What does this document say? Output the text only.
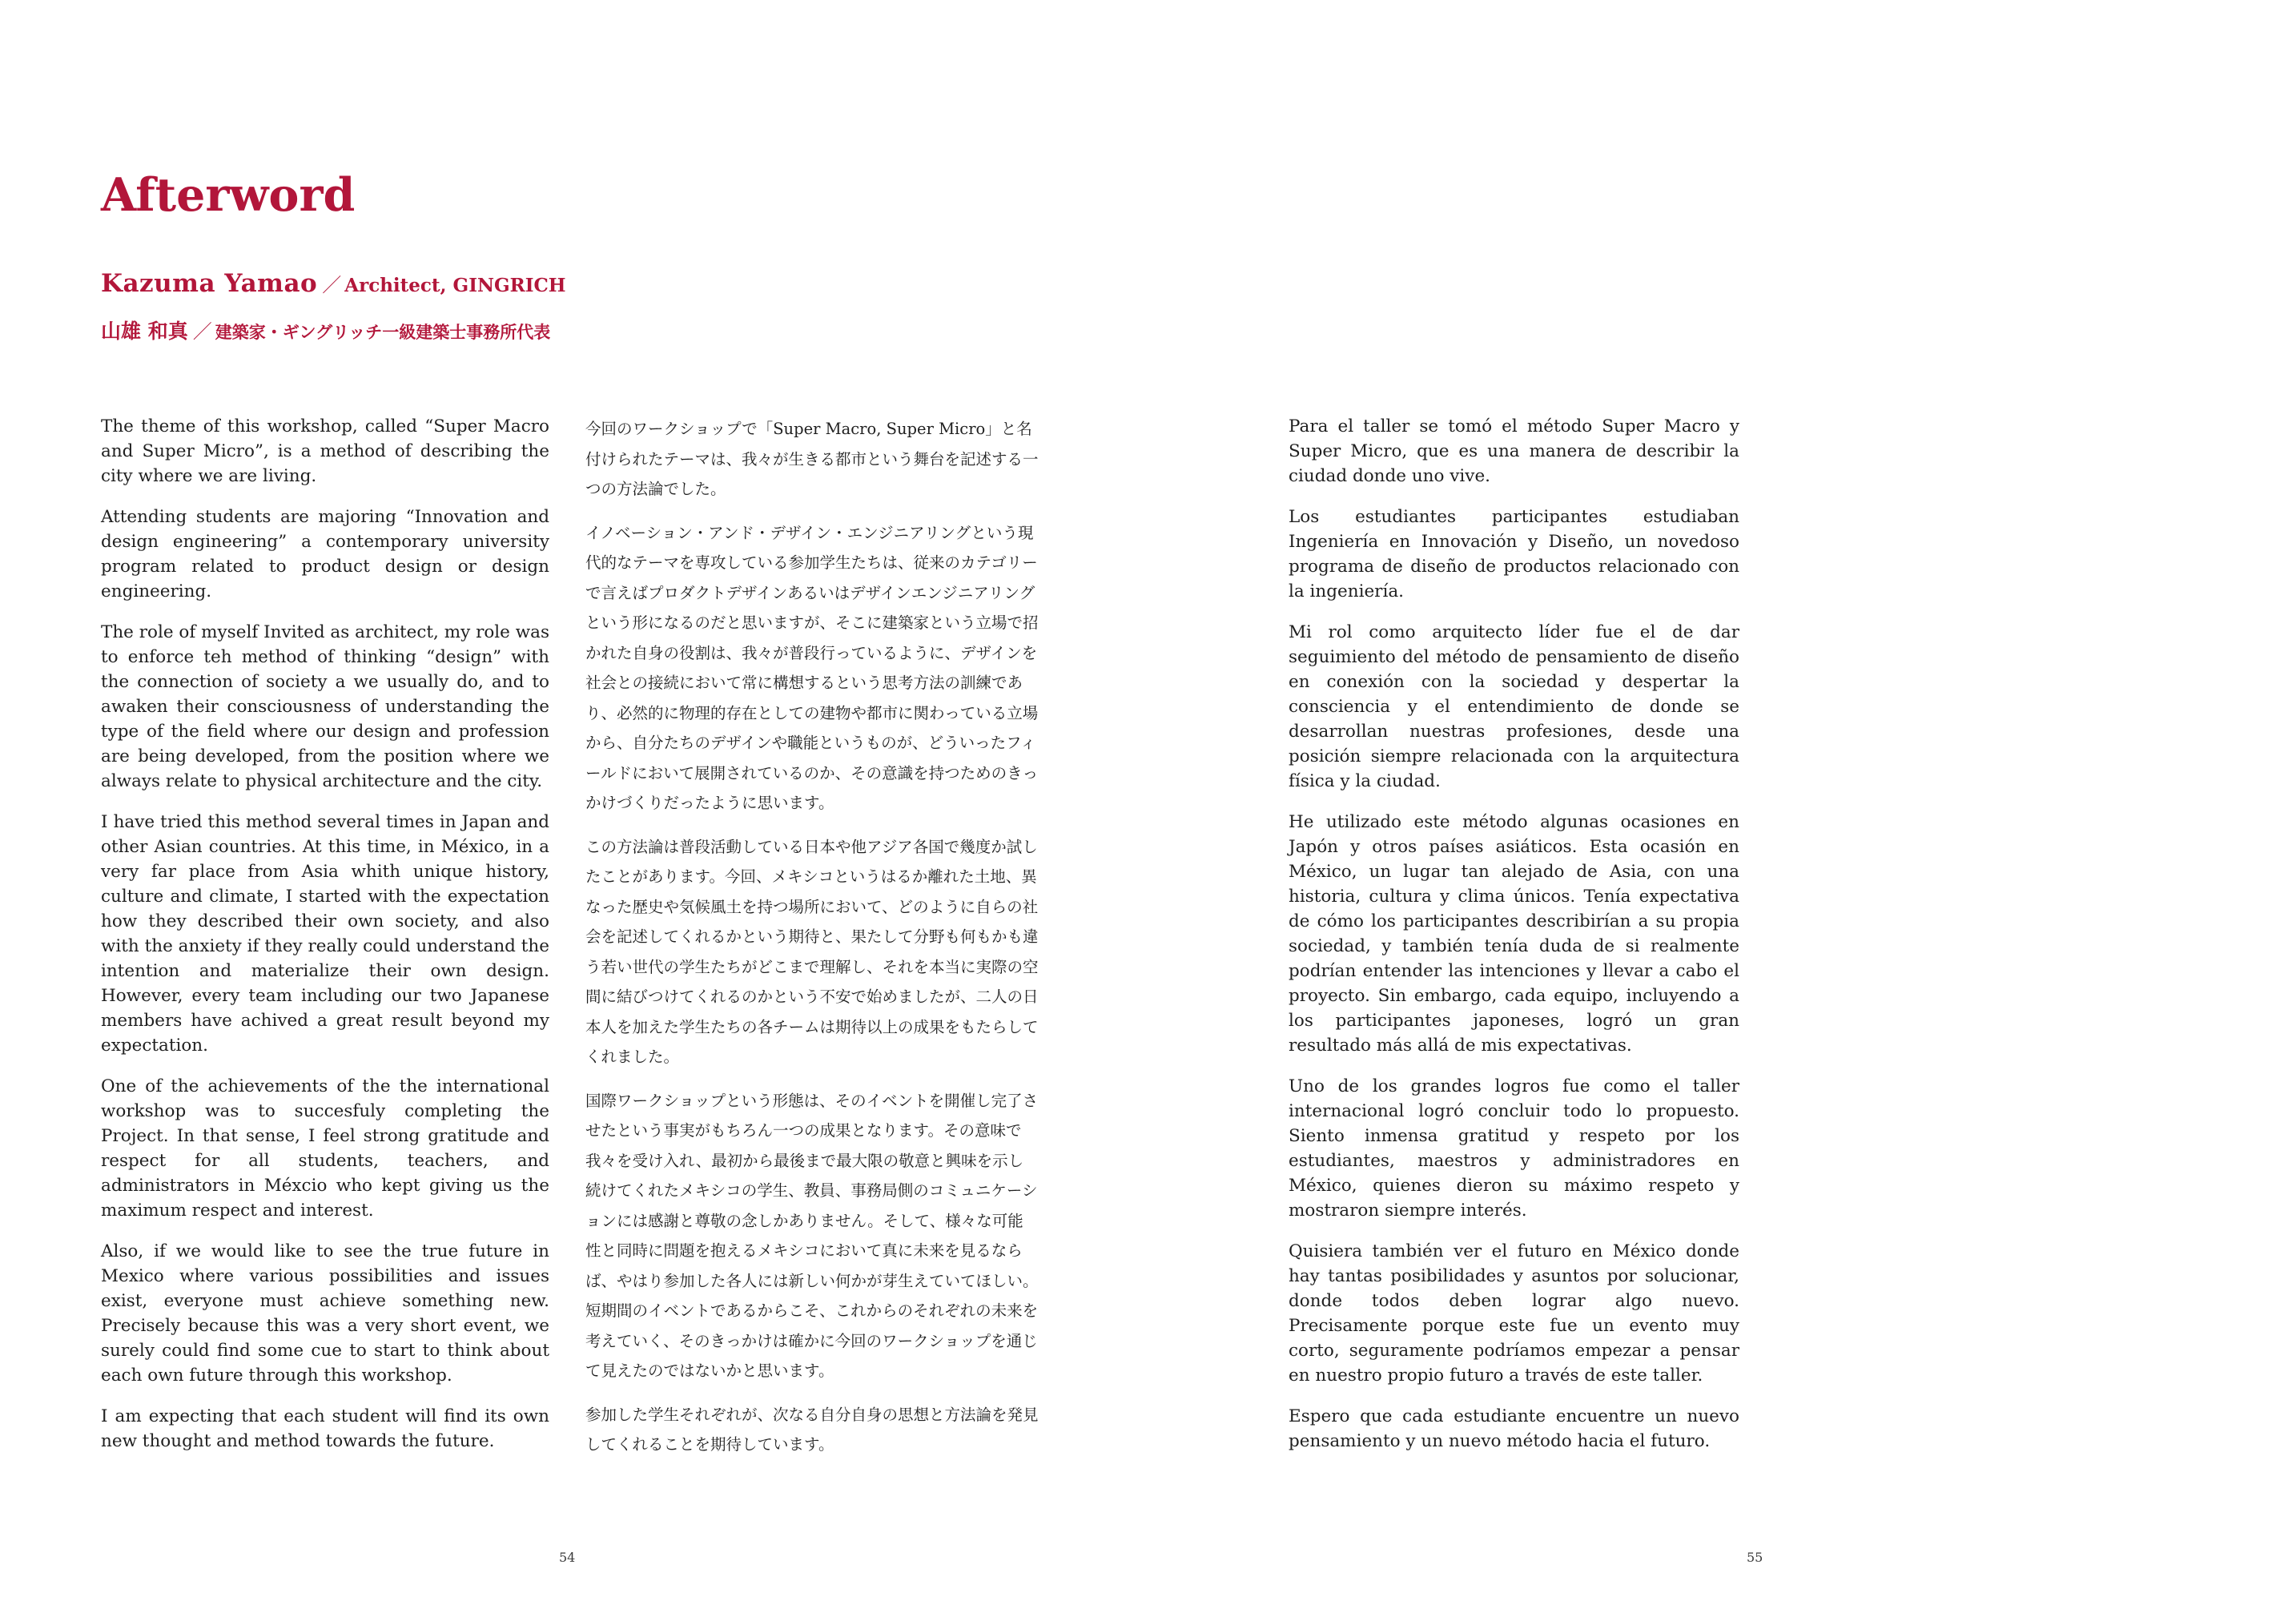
Afterword
Kazuma Yamao ／ Architect, GINGRICH
山雄 和真 ／ 建築家・ギングリッチ一級建築士事務所代表

The theme of this workshop, called “Super Macro and Super Micro”, is a method of describing the city where we are living.

Attending students are majoring “Innovation and design engineering” a contemporary university program related to product design or design engineering.

The role of myself Invited as architect, my role was to enforce teh method of thinking “design” with the connection of society a we usually do, and to awaken their consciousness of understanding the type of the field where our design and profession are being developed, from the position where we always relate to physical architecture and the city.

I have tried this method several times in Japan and other Asian countries. At this time, in México, in a very far place from Asia whith unique history, culture and climate, I started with the expectation how they described their own society, and also with the anxiety if they really could understand the intention and materialize their own design. However, every team including our two Japanese members have achived a great result beyond my expectation.

One of the achievements of the the international workshop was to succesfuly completing the Project. In that sense, I feel strong gratitude and respect for all students, teachers, and administrators in Méxcio who kept giving us the maximum respect and interest.

Also, if we would like to see the true future in Mexico where various possibilities and issues exist, everyone must achieve something new. Precisely because this was a very short event, we surely could find some cue to start to think about each own future through this workshop.

I am expecting that each student will find its own new thought and method towards the future.

今回のワークショップで「Super Macro, Super Micro」と名付けられたテーマは、我々が生きる都市という舞台を記述する一つの方法論でした。

イノベーション・アンド・デザイン・エンジニアリングという現代的なテーマを専攻している参加学生たちは、従来のカテゴリーで言えばプロダクトデザインあるいはデザインエンジニアリングという形になるのだと思いますが、そこに建築家という立場で招かれた自身の役割は、我々が普段行っているように、デザインを社会との接続において常に構想するという思考方法の訓練であり、必然的に物理的存在としての建物や都市に関わっている立場から、自分たちのデザインや職能というものが、どういったフィールドにおいて展開されているのか、その意識を持つためのきっかけづくりだったように思います。

この方法論は普段活動している日本や他アジア各国で幾度か試したことがあります。今回、メキシコというはるか離れた土地、異なった歴史や気候風土を持つ場所において、どのように自らの社会を記述してくれるかという期待と、果たして分野も何もかも違う若い世代の学生たちがどこまで理解し、それを本当に実際の空間に結びつけてくれるのかという不安で始めましたが、二人の日本人を加えた学生たちの各チームは期待以上の成果をもたらしてくれました。

国際ワークショップという形態は、そのイベントを開催し完了させたという事実がもちろん一つの成果となります。その意味で我々を受け入れ、最初から最後まで最大限の敬意と興味を示し続けてくれたメキシコの学生、教員、事務局側のコミュニケーションには感謝と尊敬の念しかありません。そして、様々な可能性と同時に問題を抱えるメキシコにおいて真に未来を見るならば、やはり参加した各人には新しい何かが芽生えていてほしい。短期間のイベントであるからこそ、これからのそれぞれの未来を考えていく、そのきっかけは確かに今回のワークショップを通じて見えたのではないかと思います。

参加した学生それぞれが、次なる自分自身の思想と方法論を発見してくれることを期待しています。

Para el taller se tomó el método Super Macro y Super Micro, que es una manera de describir la ciudad donde uno vive.

Los estudiantes participantes estudiaban Ingeniería en Innovación y Diseño, un novedoso programa de diseño de productos relacionado con la ingeniería.

Mi rol como arquitecto líder fue el de dar seguimiento del método de pensamiento de diseño en conexión con la sociedad y despertar la consciencia y el entendimiento de donde se desarrollan nuestras profesiones, desde una posición siempre relacionada con la arquitectura física y la ciudad.

He utilizado este método algunas ocasiones en Japón y otros países asiáticos. Esta ocasión en México, un lugar tan alejado de Asia, con una historia, cultura y clima únicos. Tenía expectativa de cómo los participantes describirían a su propia sociedad, y también tenía duda de si realmente podrían entender las intenciones y llevar a cabo el proyecto. Sin embargo, cada equipo, incluyendo a los participantes japoneses, logró un gran resultado más allá de mis expectativas.

Uno de los grandes logros fue como el taller internacional logró concluir todo lo propuesto. Siento inmensa gratitud y respeto por los estudiantes, maestros y administradores en México, quienes dieron su máximo respeto y mostraron siempre interés.

Quisiera también ver el futuro en México donde hay tantas posibilidades y asuntos por solucionar, donde todos deben lograr algo nuevo. Precisamente porque este fue un evento muy corto, seguramente podríamos empezar a pensar en nuestro propio futuro a través de este taller.

Espero que cada estudiante encuentre un nuevo pensamiento y un nuevo método hacia el futuro.

54	55
